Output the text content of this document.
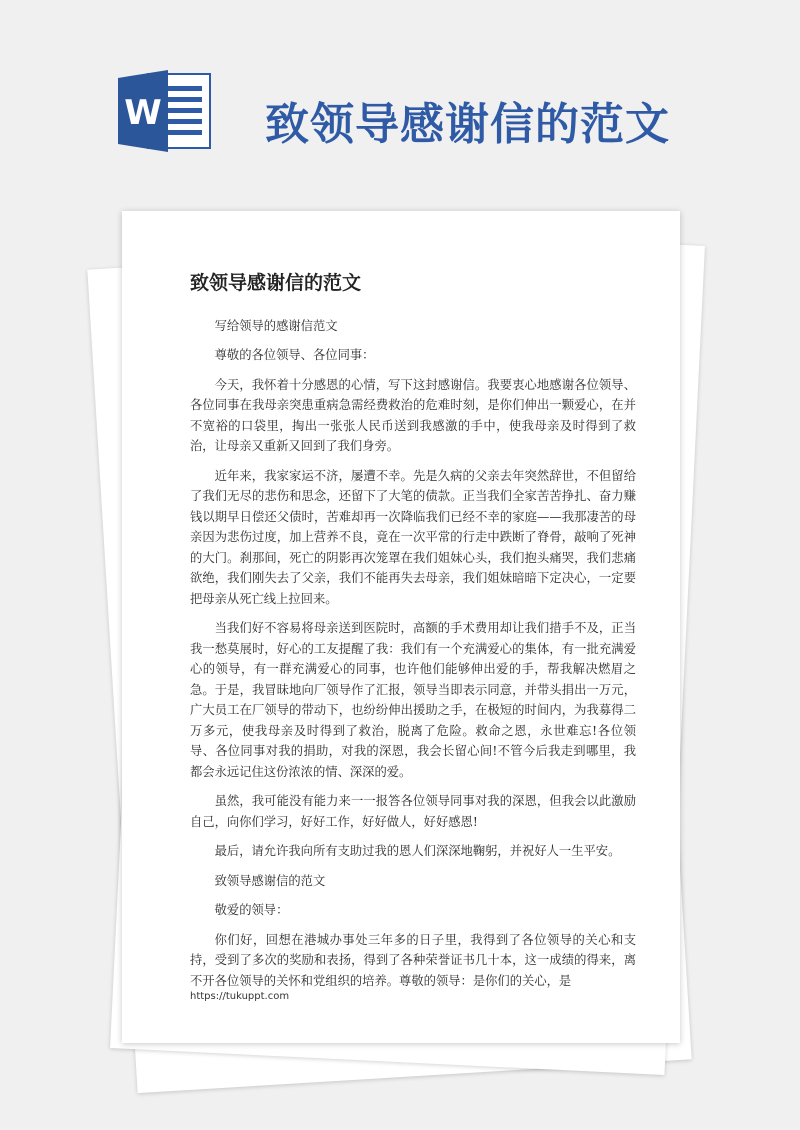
W 致领导感谢信的范文
致领导感谢信的范文

写给领导的感谢信范文

尊敬的各位领导、各位同事：

今天，我怀着十分感恩的心情，写下这封感谢信。我要衷心地感谢各位领导、各位同事在我母亲突患重病急需经费救治的危难时刻，是你们伸出一颗爱心，在并不宽裕的口袋里，掏出一张张人民币送到我感激的手中，使我母亲及时得到了救治，让母亲又重新又回到了我们身旁。

近年来，我家家运不济，屡遭不幸。先是久病的父亲去年突然辞世，不但留给了我们无尽的悲伤和思念，还留下了大笔的债款。正当我们全家苦苦挣扎、奋力赚钱以期早日偿还父债时，苦难却再一次降临我们已经不幸的家庭——我那凄苦的母亲因为悲伤过度，加上营养不良，竟在一次平常的行走中跌断了脊骨，敲响了死神的大门。刹那间，死亡的阴影再次笼罩在我们姐妹心头，我们抱头痛哭，我们悲痛欲绝，我们刚失去了父亲，我们不能再失去母亲，我们姐妹暗暗下定决心，一定要把母亲从死亡线上拉回来。

当我们好不容易将母亲送到医院时，高额的手术费用却让我们措手不及，正当我一愁莫展时，好心的工友提醒了我：我们有一个充满爱心的集体，有一批充满爱心的领导，有一群充满爱心的同事，也许他们能够伸出爱的手，帮我解决燃眉之急。于是，我冒昧地向厂领导作了汇报，领导当即表示同意，并带头捐出一万元，广大员工在厂领导的带动下，也纷纷伸出援助之手，在极短的时间内，为我募得二万多元，使我母亲及时得到了救治，脱离了危险。救命之恩，永世难忘!各位领导、各位同事对我的捐助，对我的深恩，我会长留心间!不管今后我走到哪里，我都会永远记住这份浓浓的情、深深的爱。

虽然，我可能没有能力来一一报答各位领导同事对我的深恩，但我会以此激励自己，向你们学习，好好工作，好好做人，好好感恩!

最后，请允许我向所有支助过我的恩人们深深地鞠躬，并祝好人一生平安。

致领导感谢信的范文

敬爱的领导：

你们好，回想在港城办事处三年多的日子里，我得到了各位领导的关心和支持，受到了多次的奖励和表扬，得到了各种荣誉证书几十本，这一成绩的得来，离不开各位领导的关怀和党组织的培养。尊敬的领导：是你们的关心，是

https://tukuppt.com
